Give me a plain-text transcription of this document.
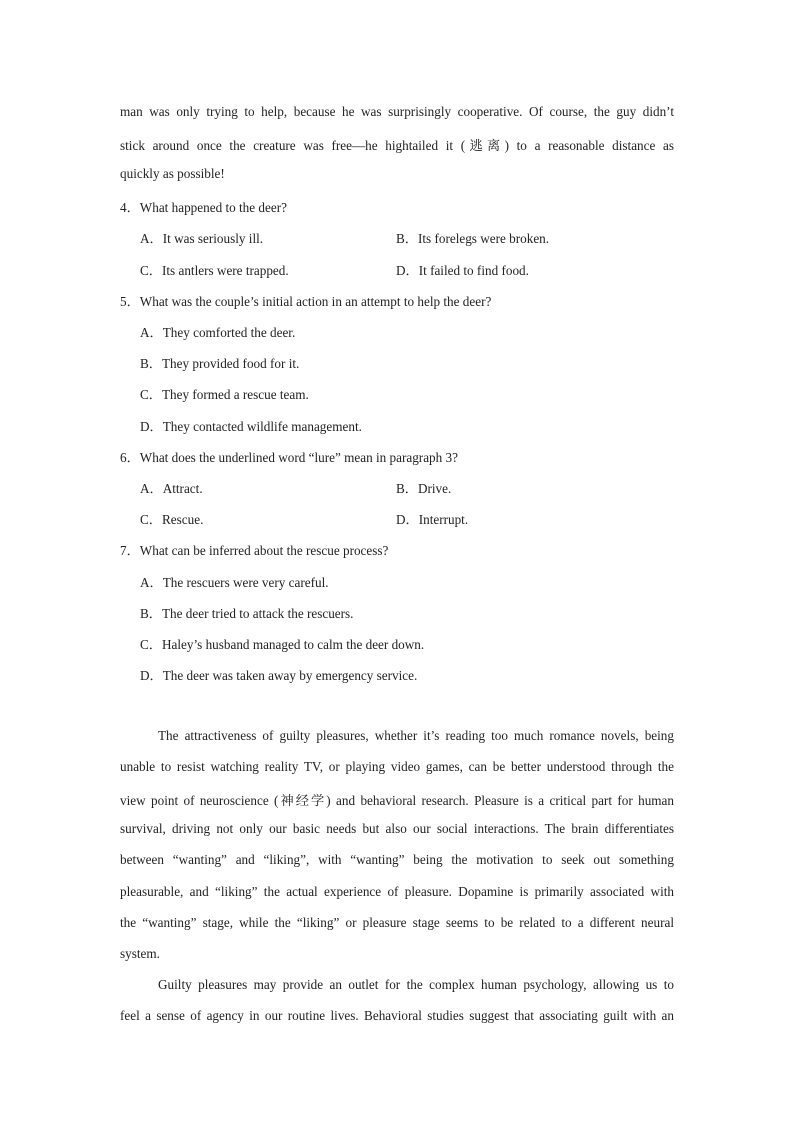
man was only trying to help, because he was surprisingly cooperative. Of course, the guy didn’t
stick around once the creature was free—he hightailed it (逃离) to a reasonable distance as
quickly as possible!
4．What happened to the deer?
A．It was seriously ill.	B．Its forelegs were broken.
C．Its antlers were trapped.	D．It failed to find food.
5．What was the couple’s initial action in an attempt to help the deer?
A．They comforted the deer.
B．They provided food for it.
C．They formed a rescue team.
D．They contacted wildlife management.
6．What does the underlined word “lure” mean in paragraph 3?
A．Attract.	B．Drive.
C．Rescue.	D．Interrupt.
7．What can be inferred about the rescue process?
A．The rescuers were very careful.
B．The deer tried to attack the rescuers.
C．Haley’s husband managed to calm the deer down.
D．The deer was taken away by emergency service.
The attractiveness of guilty pleasures, whether it’s reading too much romance novels, being
unable to resist watching reality TV, or playing video games, can be better understood through the
view point of neuroscience (神经学) and behavioral research. Pleasure is a critical part for human
survival, driving not only our basic needs but also our social interactions. The brain differentiates
between “wanting” and “liking”, with “wanting” being the motivation to seek out something
pleasurable, and “liking” the actual experience of pleasure. Dopamine is primarily associated with
the “wanting” stage, while the “liking” or pleasure stage seems to be related to a different neural
system.
Guilty pleasures may provide an outlet for the complex human psychology, allowing us to
feel a sense of agency in our routine lives. Behavioral studies suggest that associating guilt with an
